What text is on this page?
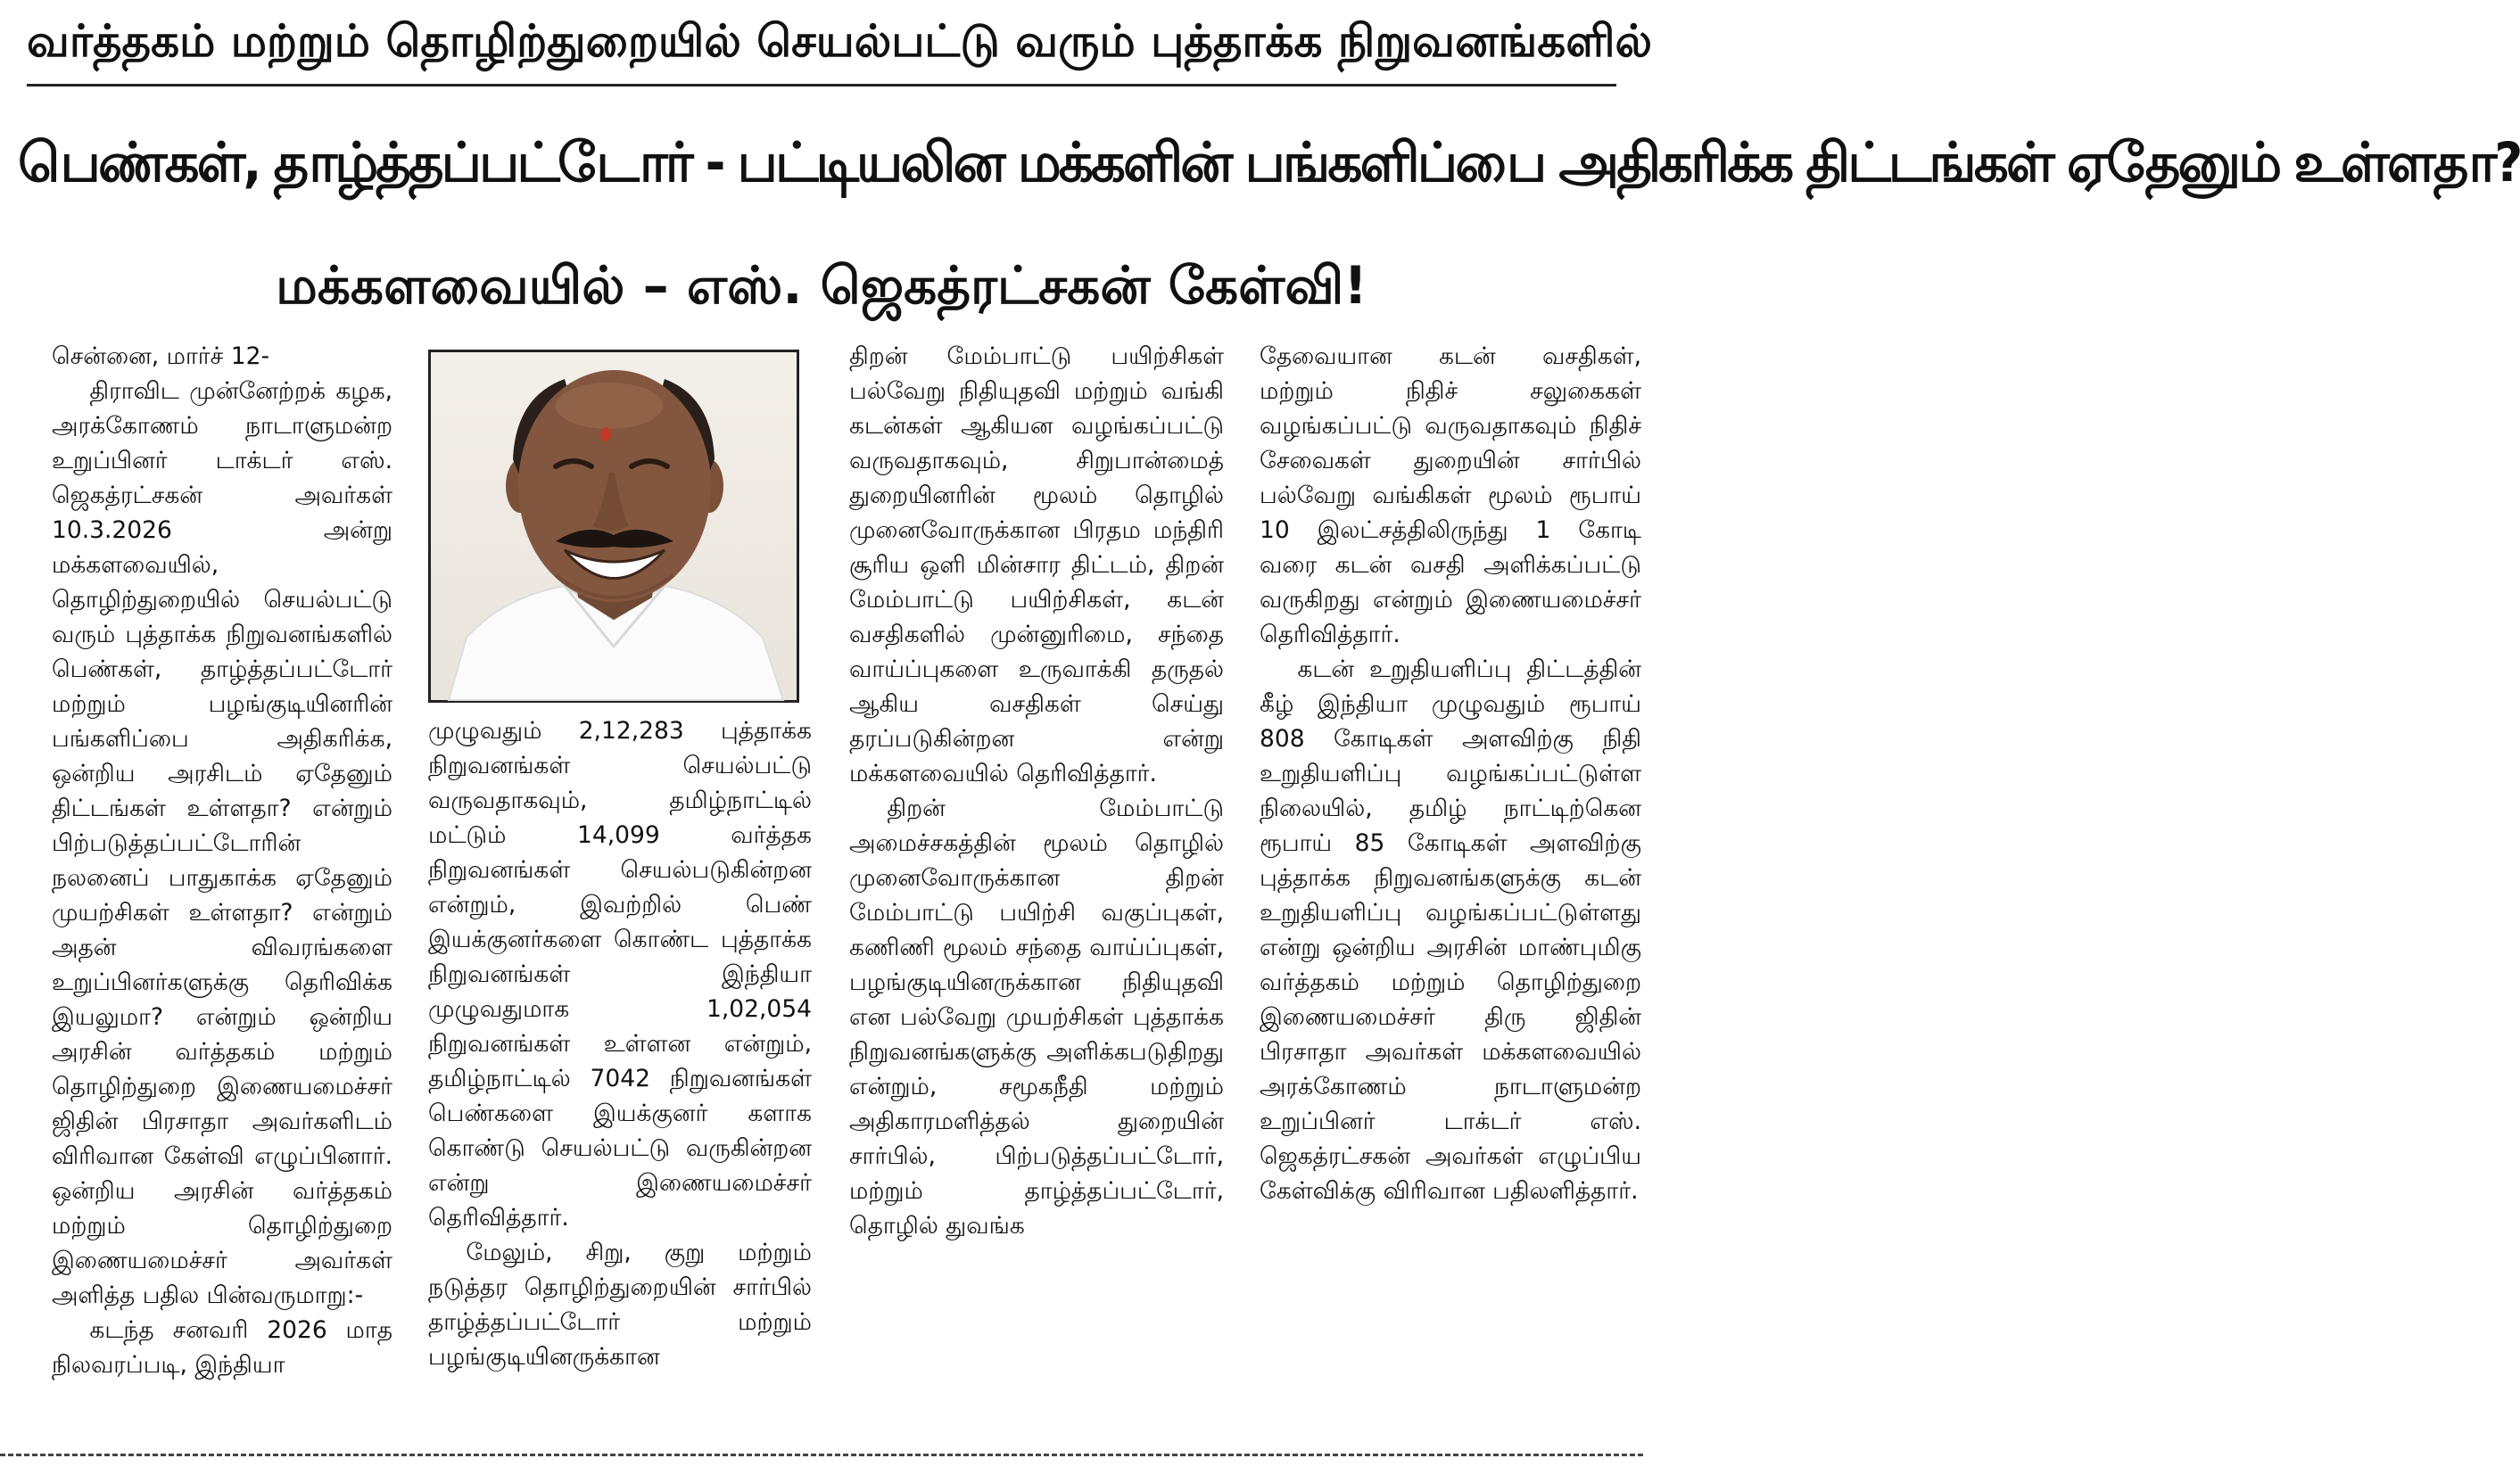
வர்த்தகம் மற்றும் தொழிற்துறையில் செயல்பட்டு வரும் புத்தாக்க நிறுவனங்களில்
பெண்கள், தாழ்த்தப்பட்டோர் - பட்டியலின மக்களின் பங்களிப்பை அதிகரிக்க திட்டங்கள் ஏதேனும் உள்ளதா?
மக்களவையில் – எஸ். ஜெகத்ரட்சகன் கேள்வி!

சென்னை, மார்ச் 12-

திராவிட முன்னேற்றக் கழக, அரக்கோணம் நாடாளுமன்ற உறுப்பினர் டாக்டர் எஸ். ஜெகத்ரட்சகன் அவர்கள் 10.3.2026 அன்று மக்களவையில், தொழிற்துறையில் செயல்பட்டு வரும் புத்தாக்க நிறுவனங்களில் பெண்கள், தாழ்த்தப்பட்டோர் மற்றும் பழங்குடியினரின் பங்களிப்பை அதிகரிக்க, ஒன்றிய அரசிடம் ஏதேனும் திட்டங்கள் உள்ளதா? என்றும் பிற்படுத்தப்பட்டோரின் நலனைப் பாதுகாக்க ஏதேனும் முயற்சிகள் உள்ளதா? என்றும் அதன் விவரங்களை உறுப்பினர்களுக்கு தெரிவிக்க இயலுமா? என்றும் ஒன்றிய அரசின் வர்த்தகம் மற்றும் தொழிற்துறை இணையமைச்சர் ஜிதின் பிரசாதா அவர்களிடம் விரிவான கேள்வி எழுப்பினார். ஒன்றிய அரசின் வர்த்தகம் மற்றும் தொழிற்துறை இணையமைச்சர் அவர்கள் அளித்த பதில பின்வருமாறு:-

கடந்த சனவரி 2026 மாத நிலவரப்படி, இந்தியா

முழுவதும் 2,12,283 புத்தாக்க நிறுவனங்கள் செயல்பட்டு வருவதாகவும், தமிழ்நாட்டில் மட்டும் 14,099 வர்த்தக நிறுவனங்கள் செயல்படுகின்றன என்றும், இவற்றில் பெண் இயக்குனர்களை கொண்ட புத்தாக்க நிறுவனங்கள் இந்தியா முழுவதுமாக 1,02,054 நிறுவனங்கள் உள்ளன என்றும், தமிழ்நாட்டில் 7042 நிறுவனங்கள் பெண்களை இயக்குனர் களாக கொண்டு செயல்பட்டு வருகின்றன என்று இணையமைச்சர் தெரிவித்தார்.

மேலும், சிறு, குறு மற்றும் நடுத்தர தொழிற்துறையின் சார்பில் தாழ்த்தப்பட்டோர் மற்றும் பழங்குடியினருக்கான

திறன் மேம்பாட்டு பயிற்சிகள் பல்வேறு நிதியுதவி மற்றும் வங்கி கடன்கள் ஆகியன வழங்கப்பட்டு வருவதாகவும், சிறுபான்மைத் துறையினரின் மூலம் தொழில் முனைவோருக்கான பிரதம மந்திரி சூரிய ஒளி மின்சார திட்டம், திறன் மேம்பாட்டு பயிற்சிகள், கடன் வசதிகளில் முன்னுரிமை, சந்தை வாய்ப்புகளை உருவாக்கி தருதல் ஆகிய வசதிகள் செய்து தரப்படுகின்றன என்று மக்களவையில் தெரிவித்தார்.

திறன் மேம்பாட்டு அமைச்சகத்தின் மூலம் தொழில் முனைவோருக்கான திறன் மேம்பாட்டு பயிற்சி வகுப்புகள், கணிணி மூலம் சந்தை வாய்ப்புகள், பழங்குடியினருக்கான நிதியுதவி என பல்வேறு முயற்சிகள் புத்தாக்க நிறுவனங்களுக்கு அளிக்கபடுதிறது என்றும், சமூகநீதி மற்றும் அதிகாரமளித்தல் துறையின் சார்பில், பிற்படுத்தப்பட்டோர், மற்றும் தாழ்த்தப்பட்டோர், தொழில் துவங்க

தேவையான கடன் வசதிகள், மற்றும் நிதிச் சலுகைகள் வழங்கப்பட்டு வருவதாகவும் நிதிச் சேவைகள் துறையின் சார்பில் பல்வேறு வங்கிகள் மூலம் ரூபாய் 10 இலட்சத்திலிருந்து 1 கோடி வரை கடன் வசதி அளிக்கப்பட்டு வருகிறது என்றும் இணையமைச்சர் தெரிவித்தார்.

கடன் உறுதியளிப்பு திட்டத்தின் கீழ் இந்தியா முழுவதும் ரூபாய் 808 கோடிகள் அளவிற்கு நிதி உறுதியளிப்பு வழங்கப்பட்டுள்ள நிலையில், தமிழ் நாட்டிற்கென ரூபாய் 85 கோடிகள் அளவிற்கு புத்தாக்க நிறுவனங்களுக்கு கடன் உறுதியளிப்பு வழங்கப்பட்டுள்ளது என்று ஒன்றிய அரசின் மாண்புமிகு வர்த்தகம் மற்றும் தொழிற்துறை இணையமைச்சர் திரு ஜிதின் பிரசாதா அவர்கள் மக்களவையில் அரக்கோணம் நாடாளுமன்ற உறுப்பினர் டாக்டர் எஸ். ஜெகத்ரட்சகன் அவர்கள் எழுப்பிய கேள்விக்கு விரிவான பதிலளித்தார்.
